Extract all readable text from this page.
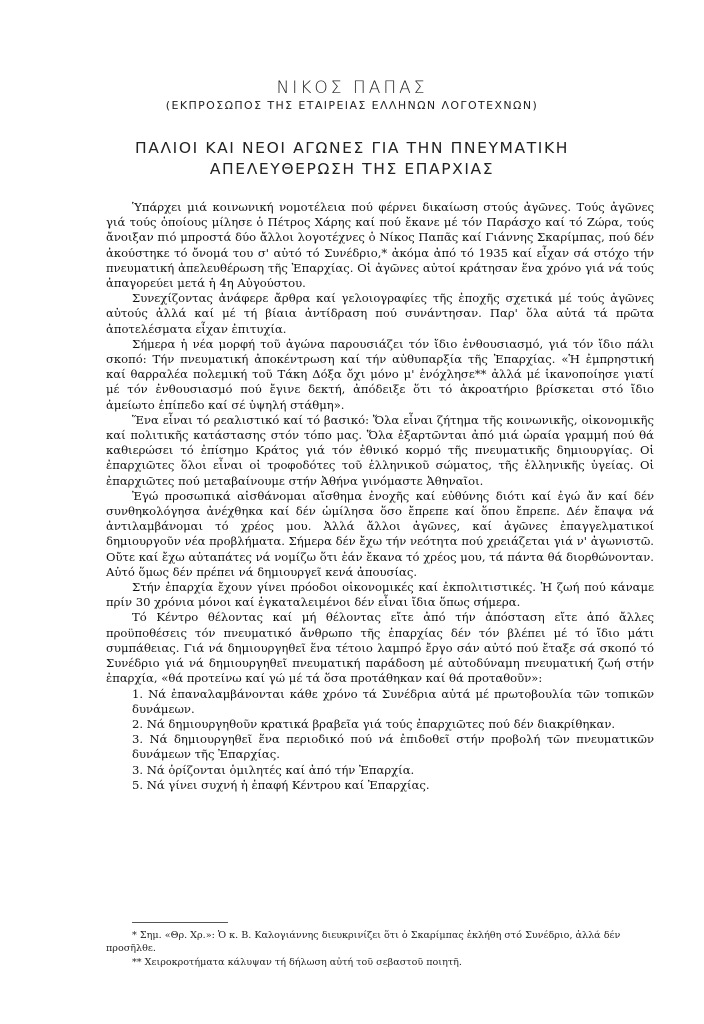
ΝΙΚΟΣ ΠΑΠΑΣ
(ΕΚΠΡΟΣΩΠΟΣ ΤΗΣ ΕΤΑΙΡΕΙΑΣ ΕΛΛΗΝΩΝ ΛΟΓΟΤΕΧΝΩΝ)
ΠΑΛΙΟΙ ΚΑΙ ΝΕΟΙ ΑΓΩΝΕΣ ΓΙΑ ΤΗΝ ΠΝΕΥΜΑΤΙΚΗ
ΑΠΕΛΕΥΘΕΡΩΣΗ ΤΗΣ ΕΠΑΡΧΙΑΣ

Ὑπάρχει μιά κοινωνική νομοτέλεια πού φέρνει δικαίωση στούς ἀγῶνες. Τούς ἀγῶνες γιά τούς ὁποίους μίλησε ὁ Πέτρος Χάρης καί πού ἔκανε μέ τόν Παράσχο καί τό Ζώρα, τούς ἄνοιξαν πιό μπροστά δύο ἄλλοι λογοτέχνες ὁ Νίκος Παπᾶς καί Γιάννης Σκαρίμπας, πού δέν ἀκούστηκε τό ὄνομά του σ' αὐτό τό Συνέδριο,* ἀκόμα ἀπό τό 1935 καί εἶχαν σά στόχο τήν πνευματική ἀπελευθέρωση τῆς Ἐπαρχίας. Οἱ ἀγῶνες αὐτοί κράτησαν ἕνα χρόνο γιά νά τούς ἀπαγορεύει μετά ἡ 4η Αὐγούστου.

Συνεχίζοντας ἀνάφερε ἄρθρα καί γελοιογραφίες τῆς ἐποχῆς σχετικά μέ τούς ἀγῶνες αὐτούς ἀλλά καί μέ τή βίαια ἀντίδραση πού συνάντησαν. Παρ' ὅλα αὐτά τά πρῶτα ἀποτελέσματα εἶχαν ἐπιτυχία.

Σήμερα ἡ νέα μορφή τοῦ ἀγώνα παρουσιάζει τόν ἴδιο ἐνθουσιασμό, γιά τόν ἴδιο πάλι σκοπό: Τήν πνευματική ἀποκέντρωση καί τήν αὐθυπαρξία τῆς Ἐπαρχίας. «Ἡ ἐμπρηστική καί θαρραλέα πολεμική τοῦ Τάκη Δόξα ὄχι μόνο μ' ἐνόχλησε** ἀλλά μέ ἱκανοποίησε γιατί μέ τόν ἐνθουσιασμό πού ἔγινε δεκτή, ἀπόδειξε ὅτι τό ἀκροατήριο βρίσκεται στό ἴδιο ἀμείωτο ἐπίπεδο καί σέ ὑψηλή στάθμη».

Ἕνα εἶναι τό ρεαλιστικό καί τό βασικό: Ὅλα εἶναι ζήτημα τῆς κοινωνικῆς, οἰκονομικῆς καί πολιτικῆς κατάστασης στόν τόπο μας. Ὅλα ἐξαρτῶνται ἀπό μιά ὡραία γραμμή πού θά καθιερώσει τό ἐπίσημο Κράτος γιά τόν ἐθνικό κορμό τῆς πνευματικῆς δημιουργίας. Οἱ ἐπαρχιῶτες ὅλοι εἶναι οἱ τροφοδότες τοῦ ἑλληνικοῦ σώματος, τῆς ἑλληνικῆς ὑγείας. Οἱ ἐπαρχιῶτες πού μεταβαίνουμε στήν Ἀθήνα γινόμαστε Ἀθηναῖοι.

Ἐγώ προσωπικά αἰσθάνομαι αἴσθημα ἐνοχῆς καί εὐθύνης διότι καί ἐγώ ἄν καί δέν συνθηκολόγησα ἀνέχθηκα καί δέν ὡμίλησα ὅσο ἔπρεπε καί ὅπου ἔπρεπε. Δέν ἔπαψα νά ἀντιλαμβάνομαι τό χρέος μου. Ἀλλά ἄλλοι ἀγῶνες, καί ἀγῶνες ἐπαγγελματικοί δημιουργοῦν νέα προβλήματα. Σήμερα δέν ἔχω τήν νεότητα πού χρειάζεται γιά ν' ἀγωνιστῶ. Οὔτε καί ἔχω αὐταπάτες νά νομίζω ὅτι ἐάν ἔκανα τό χρέος μου, τά πάντα θά διορθώνονταν. Αὐτό ὅμως δέν πρέπει νά δημιουργεῖ κενά ἀπουσίας.

Στήν ἐπαρχία ἔχουν γίνει πρόοδοι οἰκονομικές καί ἐκπολιτιστικές. Ἡ ζωή πού κάναμε πρίν 30 χρόνια μόνοι καί ἐγκαταλειμένοι δέν εἶναι ἴδια ὅπως σήμερα.

Τό Κέντρο θέλοντας καί μή θέλοντας εἴτε ἀπό τήν ἀπόσταση εἴτε ἀπό ἄλλες προϋποθέσεις τόν πνευματικό ἄνθρωπο τῆς ἐπαρχίας δέν τόν βλέπει μέ τό ἴδιο μάτι συμπάθειας. Γιά νά δημιουργηθεῖ ἕνα τέτοιο λαμπρό ἔργο σάν αὐτό πού ἔταξε σά σκοπό τό Συνέδριο γιά νά δημιουργηθεῖ πνευματική παράδοση μέ αὐτοδύναμη πνευματική ζωή στήν ἐπαρχία, «θά προτείνω καί γώ μέ τά ὅσα προτάθηκαν καί θά προταθοῦν»:

1. Νά ἐπαναλαμβάνονται κάθε χρόνο τά Συνέδρια αὐτά μέ πρωτοβουλία τῶν τοπικῶν δυνάμεων.

2. Νά δημιουργηθοῦν κρατικά βραβεῖα γιά τούς ἐπαρχιῶτες πού δέν διακρίθηκαν.

3. Νά δημιουργηθεῖ ἕνα περιοδικό πού νά ἐπιδοθεῖ στήν προβολή τῶν πνευματικῶν δυνάμεων τῆς Ἐπαρχίας.

3. Νά ὁρίζονται ὁμιλητές καί ἀπό τήν Ἐπαρχία.

5. Νά γίνει συχνή ἡ ἐπαφή Κέντρου καί Ἐπαρχίας.

* Σημ. «Θρ. Χρ.»: Ὁ κ. Β. Καλογιάννης διευκρινίζει ὅτι ὁ Σκαρίμπας ἐκλήθη στό Συνέδριο, ἀλλά δέν προσῆλθε.

** Χειροκροτήματα κάλυψαν τή δήλωση αὐτή τοῦ σεβαστοῦ ποιητῆ.
